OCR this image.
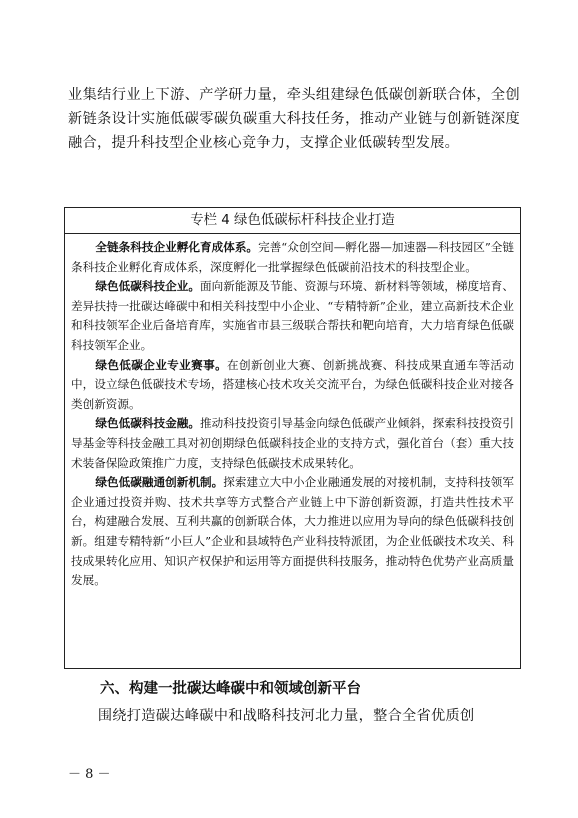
业集结行业上下游、产学研力量，牵头组建绿色低碳创新联合体，全创新链条设计实施低碳零碳负碳重大科技任务，推动产业链与创新链深度融合，提升科技型企业核心竞争力，支撑企业低碳转型发展。
专栏 4 绿色低碳标杆科技企业打造

全链条科技企业孵化育成体系。完善“众创空间—孵化器—加速器—科技园区”全链条科技企业孵化育成体系，深度孵化一批掌握绿色低碳前沿技术的科技型企业。

绿色低碳科技企业。面向新能源及节能、资源与环境、新材料等领域，梯度培育、差异扶持一批碳达峰碳中和相关科技型中小企业、“专精特新”企业，建立高新技术企业和科技领军企业后备培育库，实施省市县三级联合帮扶和靶向培育，大力培育绿色低碳科技领军企业。

绿色低碳企业专业赛事。在创新创业大赛、创新挑战赛、科技成果直通车等活动中，设立绿色低碳技术专场，搭建核心技术攻关交流平台，为绿色低碳科技企业对接各类创新资源。

绿色低碳科技金融。推动科技投资引导基金向绿色低碳产业倾斜，探索科技投资引导基金等科技金融工具对初创期绿色低碳科技企业的支持方式，强化首台（套）重大技术装备保险政策推广力度，支持绿色低碳技术成果转化。

绿色低碳融通创新机制。探索建立大中小企业融通发展的对接机制，支持科技领军企业通过投资并购、技术共享等方式整合产业链上中下游创新资源，打造共性技术平台，构建融合发展、互利共赢的创新联合体，大力推进以应用为导向的绿色低碳科技创新。组建专精特新“小巨人”企业和县域特色产业科技特派团，为企业低碳技术攻关、科技成果转化应用、知识产权保护和运用等方面提供科技服务，推动特色优势产业高质量发展。

六、构建一批碳达峰碳中和领域创新平台
围绕打造碳达峰碳中和战略科技河北力量，整合全省优质创
－ 8 －
